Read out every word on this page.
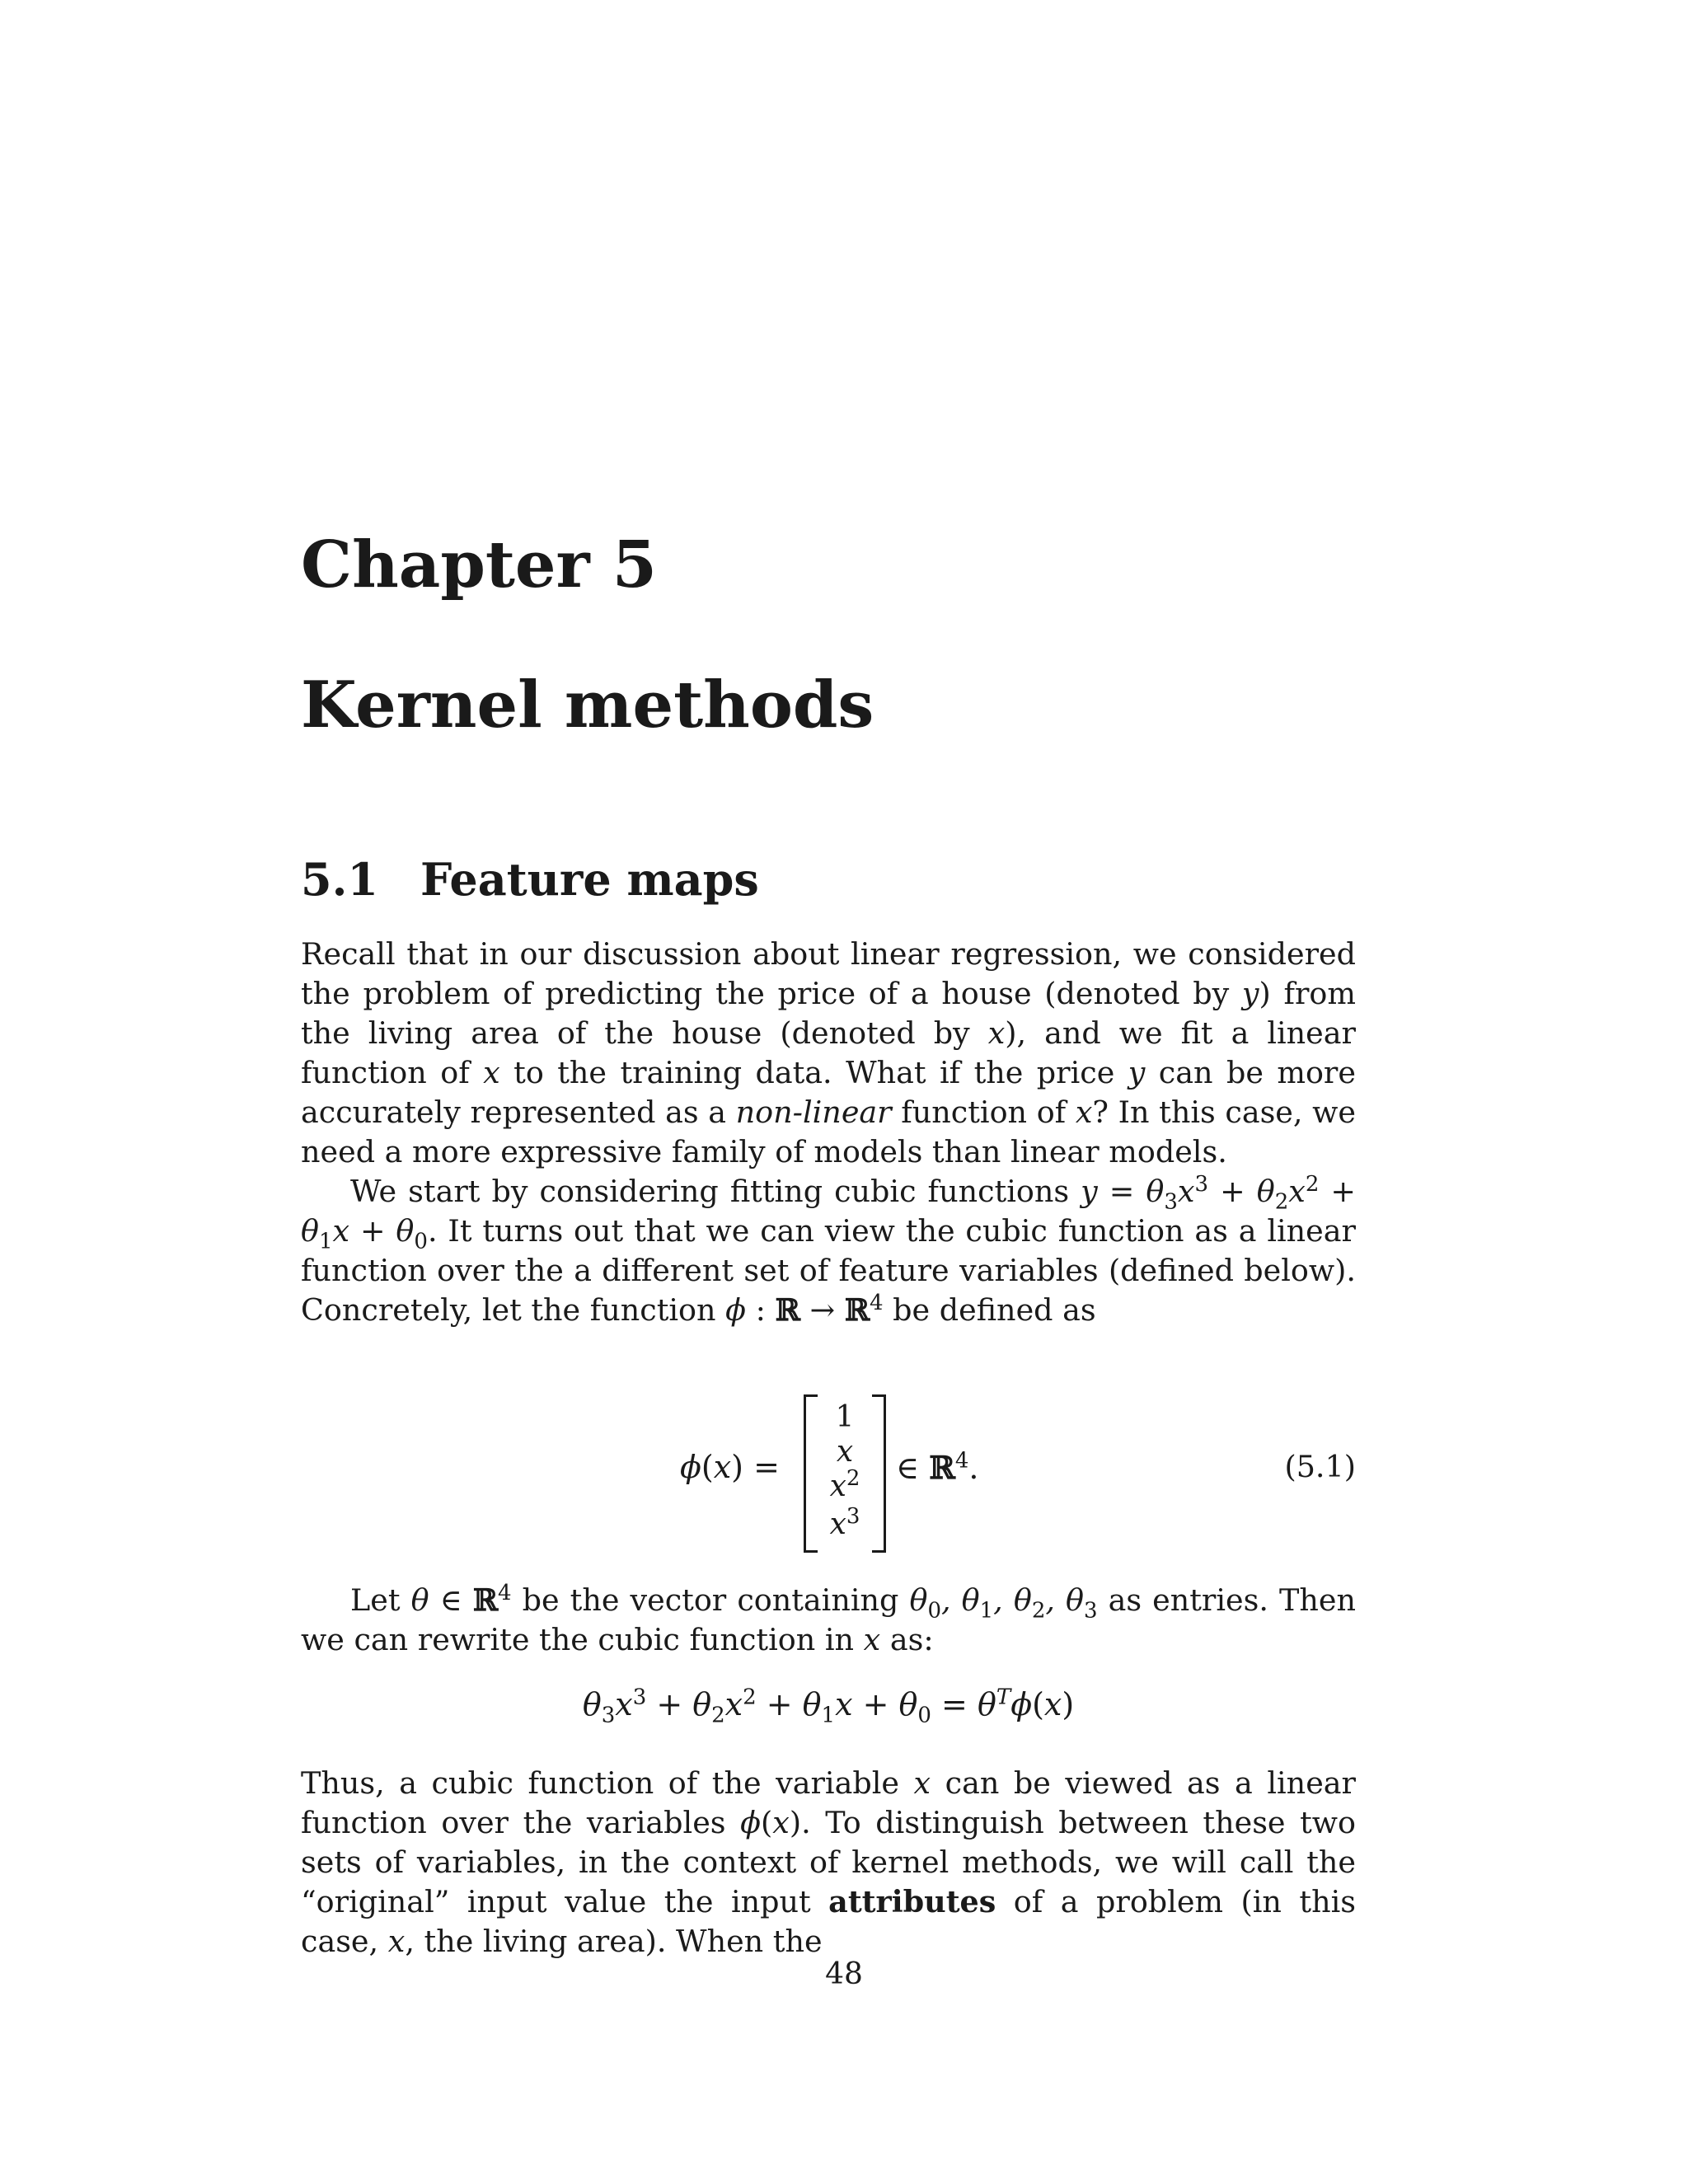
Chapter 5
Kernel methods
5.1 Feature maps
Recall that in our discussion about linear regression, we considered the problem of predicting the price of a house (denoted by y) from the living area of the house (denoted by x), and we fit a linear function of x to the training data. What if the price y can be more accurately represented as a non-linear function of x? In this case, we need a more expressive family of models than linear models.
We start by considering fitting cubic functions $y = \theta_3x^3 + \theta_2x^2 + \theta_1x + \theta_0$. It turns out that we can view the cubic function as a linear function over the a different set of feature variables (defined below). Concretely, let the function ϕ : ℝ → ℝ$^4$ be defined as
ϕ(x) =
1
x
$x^2$
$x^3$
∈ ℝ$^4$.	(5.1)
Let θ ∈ ℝ$^4$ be the vector containing $\theta_0$, $\theta_1$, $\theta_2$, $\theta_3$ as entries. Then we can rewrite the cubic function in x as:
$\theta_3x^3 + \theta_2x^2 + \theta_1x + \theta_0 = \theta^T\phi(x)$
Thus, a cubic function of the variable x can be viewed as a linear function over the variables ϕ(x). To distinguish between these two sets of variables, in the context of kernel methods, we will call the “original” input value the input attributes of a problem (in this case, x, the living area). When the
48
